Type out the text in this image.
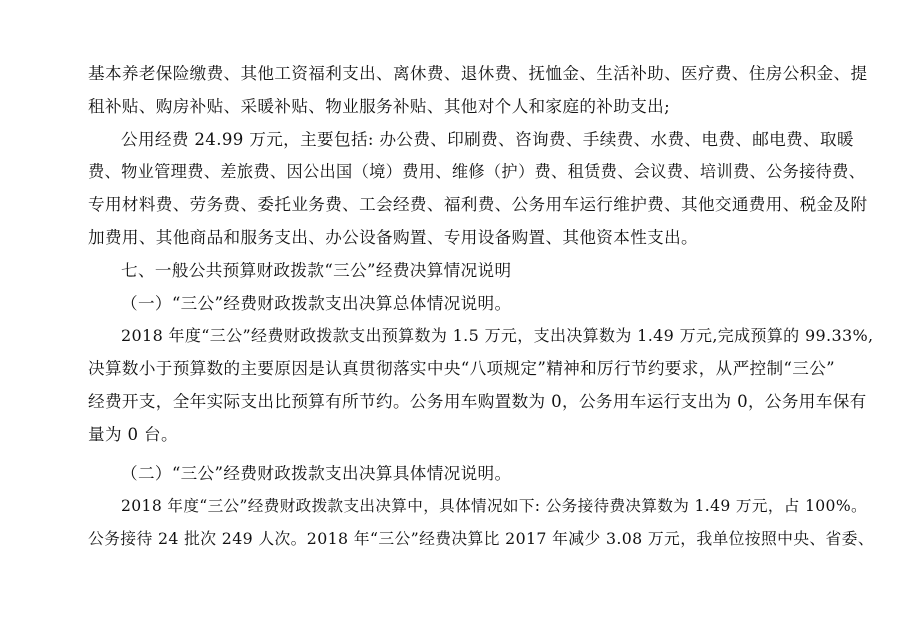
基本养老保险缴费、其他工资福利支出、离休费、退休费、抚恤金、生活补助、医疗费、住房公积金、提

租补贴、购房补贴、采暖补贴、物业服务补贴、其他对个人和家庭的补助支出;

公用经费 24.99 万元，主要包括: 办公费、印刷费、咨询费、手续费、水费、电费、邮电费、取暖

费、物业管理费、差旅费、因公出国（境）费用、维修（护）费、租赁费、会议费、培训费、公务接待费、

专用材料费、劳务费、委托业务费、工会经费、福利费、公务用车运行维护费、其他交通费用、税金及附

加费用、其他商品和服务支出、办公设备购置、专用设备购置、其他资本性支出。

七、一般公共预算财政拨款“三公”经费决算情况说明

（一）“三公”经费财政拨款支出决算总体情况说明。

2018 年度“三公”经费财政拨款支出预算数为 1.5 万元，支出决算数为 1.49 万元,完成预算的 99.33%,

决算数小于预算数的主要原因是认真贯彻落实中央“八项规定”精神和厉行节约要求，从严控制“三公”

经费开支，全年实际支出比预算有所节约。公务用车购置数为 0，公务用车运行支出为 0，公务用车保有

量为 0 台。

（二）“三公”经费财政拨款支出决算具体情况说明。

2018 年度“三公”经费财政拨款支出决算中，具体情况如下: 公务接待费决算数为 1.49 万元，占 100%。

公务接待 24 批次 249 人次。2018 年“三公”经费决算比 2017 年减少 3.08 万元，我单位按照中央、省委、
